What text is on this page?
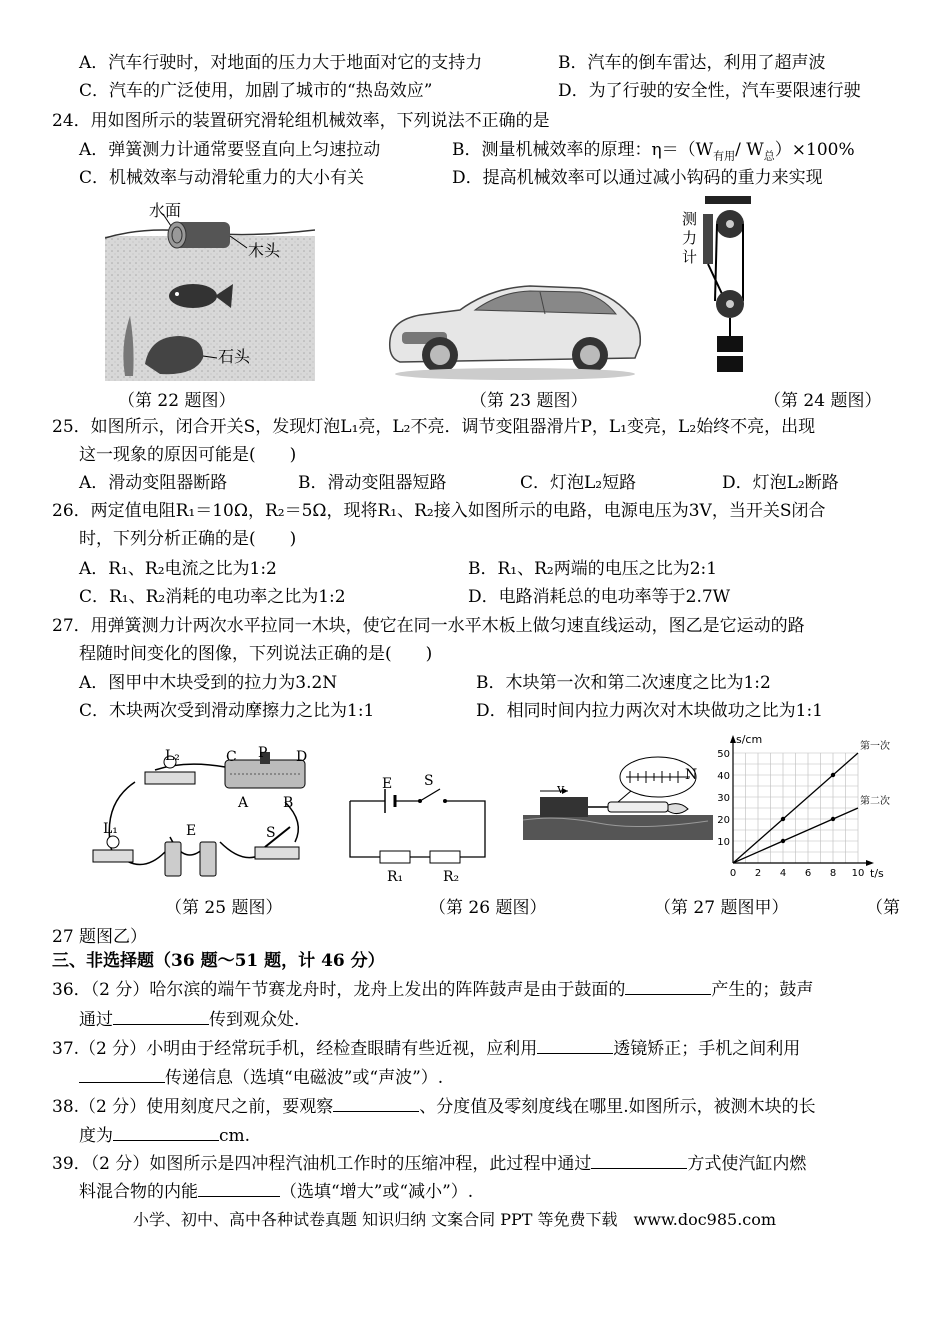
A．汽车行驶时，对地面的压力大于地面对它的支持力	B．汽车的倒车雷达，利用了超声波
C．汽车的广泛使用，加剧了城市的“热岛效应”	D．为了行驶的安全性，汽车要限速行驶
24．用如图所示的装置研究滑轮组机械效率，下列说法不正确的是
A．弹簧测力计通常要竖直向上匀速拉动	B．测量机械效率的原理：$\eta=(W_{有用}/$ $W_总)\times 100\%$
C．机械效率与动滑轮重力的大小有关	D．提高机械效率可以通过减小钩码的重力来实现
水面
木头
石头
（第 22 题图）	（第 23 题图）
测力计
（第 24 题图）
25．如图所示，闭合开关S，发现灯泡L₁亮，L₂不亮．调节变阻器滑片P，L₁变亮，L₂始终不亮，出现
这一现象的原因可能是(　　)
A．滑动变阻器断路	B．滑动变阻器短路	C．灯泡L₂短路	D．灯泡L₂断路
26．两定值电阻R₁＝10Ω，R₂＝5Ω，现将R₁、R₂接入如图所示的电路，电源电压为3V，当开关S闭合
时，下列分析正确的是(　　)
A．R₁、R₂电流之比为1:2	B．R₁、R₂两端的电压之比为2:1
C．R₁、R₂消耗的电功率之比为1:2	D．电路消耗总的电功率等于2.7W
27．用弹簧测力计两次水平拉同一木块，使它在同一水平木板上做匀速直线运动，图乙是它运动的路
程随时间变化的图像，下列说法正确的是(　　)
A．图甲中木块受到的拉力为3.2N	B．木块第一次和第二次速度之比为1:2
C．木块两次受到滑动摩擦力之比为1:1	D．相同时间内拉力两次对木块做功之比为1:1
L₂	C P D
A B
L₁	E	S
（第 25 题图）
E S
R₁	R₂
（第 26 题图）
v
N
（第 27 题图甲）
0 2 4 6 8 10
10
20
30
40
50
t/s
s/cm
第一次
第二次
（第
27 题图乙）
三、非选择题（36 题～51 题，计 46 分）
36．（2 分）哈尔滨的端午节赛龙舟时，龙舟上发出的阵阵鼓声是由于鼓面的	产生的；鼓声
通过	传到观众处.
37.（2 分）小明由于经常玩手机，经检查眼睛有些近视，应利用	透镜矫正；手机之间利用
传递信息（选填“电磁波”或“声波”）.
38.（2 分）使用刻度尺之前，要观察	、分度值及零刻度线在哪里.如图所示，被测木块的长
度为	cm.
39．（2 分）如图所示是四冲程汽油机工作时的压缩冲程，此过程中通过	方式使汽缸内燃
料混合物的内能	（选填“增大”或“减小”）.
小学、初中、高中各种试卷真题 知识归纳 文案合同 PPT 等免费下载　www.doc985.com
